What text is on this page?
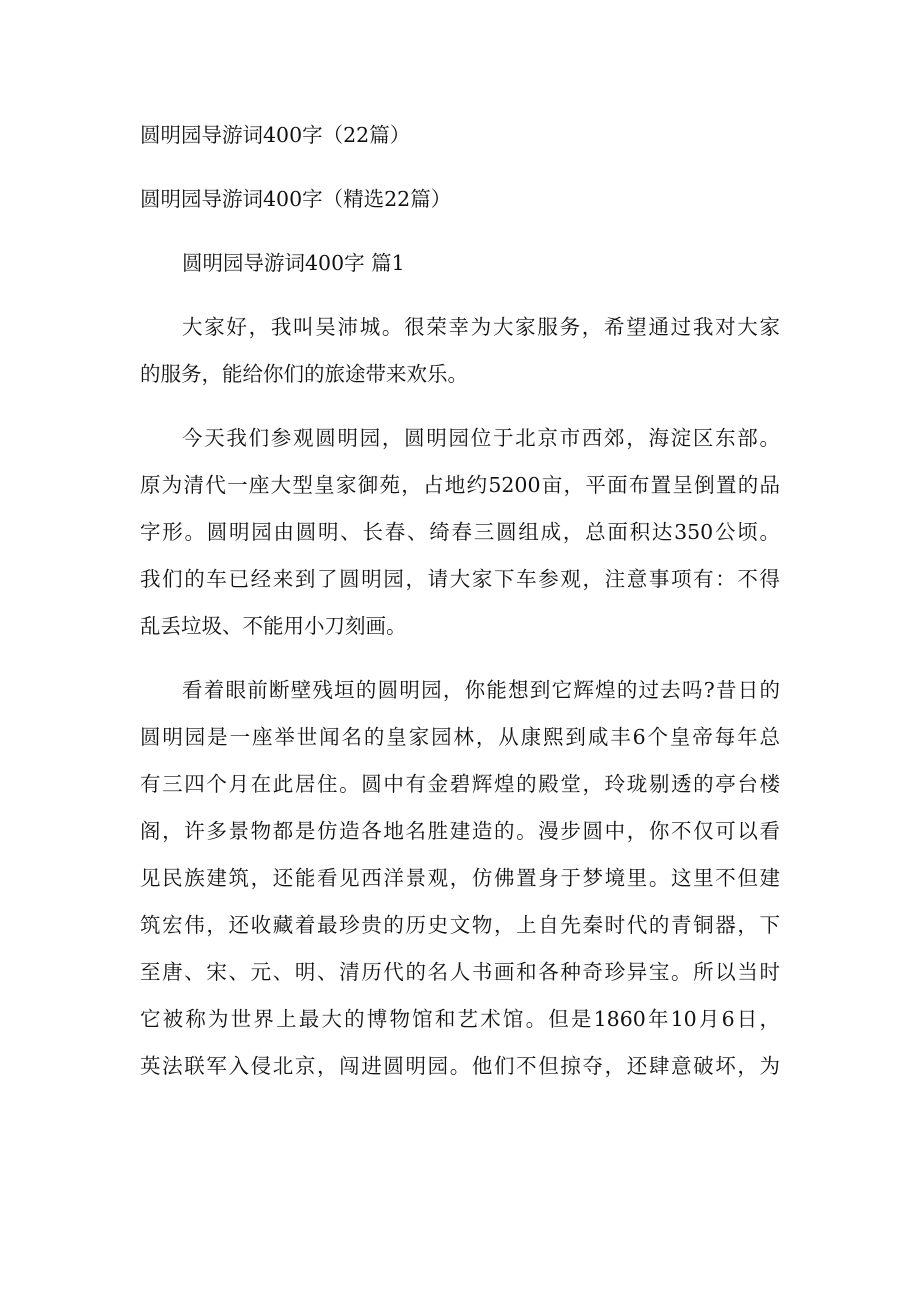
圆明园导游词400字（22篇）
圆明园导游词400字（精选22篇）
圆明园导游词400字 篇1
大家好，我叫吴沛城。很荣幸为大家服务，希望通过我对大家
的服务，能给你们的旅途带来欢乐。
今天我们参观圆明园，圆明园位于北京市西郊，海淀区东部。
原为清代一座大型皇家御苑，占地约5200亩，平面布置呈倒置的品
字形。圆明园由圆明、长春、绮春三圆组成，总面积达350公顷。
我们的车已经来到了圆明园，请大家下车参观，注意事项有：不得
乱丢垃圾、不能用小刀刻画。
看着眼前断壁残垣的圆明园，你能想到它辉煌的过去吗?昔日的
圆明园是一座举世闻名的皇家园林，从康熙到咸丰6个皇帝每年总
有三四个月在此居住。圆中有金碧辉煌的殿堂，玲珑剔透的亭台楼
阁，许多景物都是仿造各地名胜建造的。漫步圆中，你不仅可以看
见民族建筑，还能看见西洋景观，仿佛置身于梦境里。这里不但建
筑宏伟，还收藏着最珍贵的历史文物，上自先秦时代的青铜器，下
至唐、宋、元、明、清历代的名人书画和各种奇珍异宝。所以当时
它被称为世界上最大的博物馆和艺术馆。但是1860年10月6日，
英法联军入侵北京，闯进圆明园。他们不但掠夺，还肆意破坏，为
